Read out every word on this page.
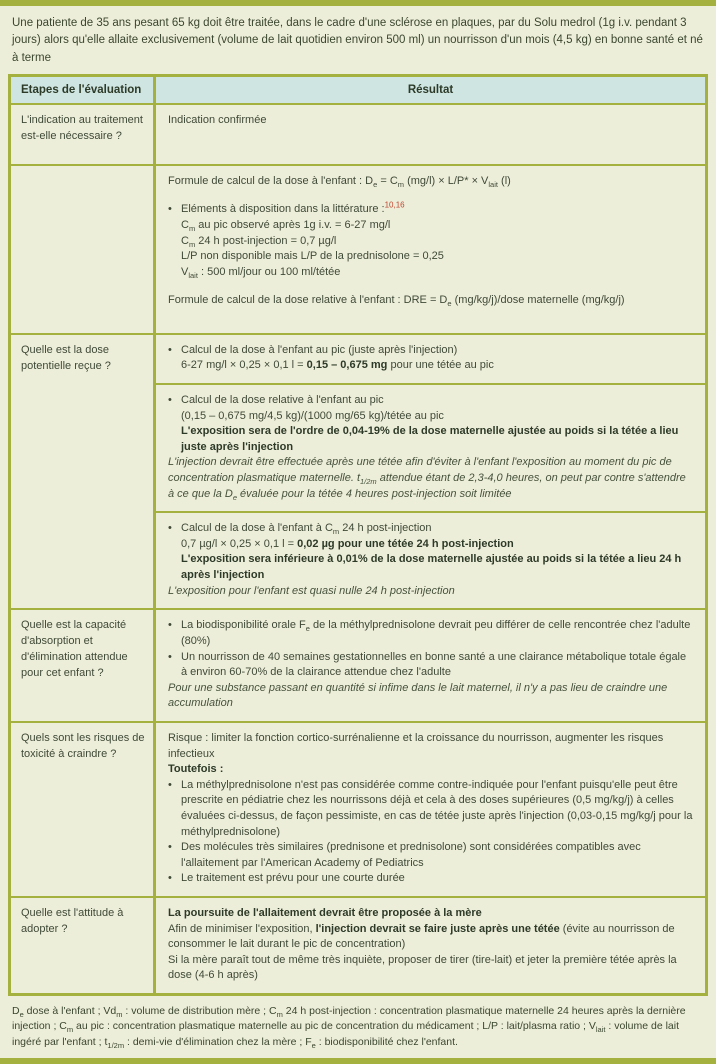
Une patiente de 35 ans pesant 65 kg doit être traitée, dans le cadre d'une sclérose en plaques, par du Solu medrol (1g i.v. pendant 3 jours) alors qu'elle allaite exclusivement (volume de lait quotidien environ 500 ml) un nourrisson d'un mois (4,5 kg) en bonne santé et né à terme

Etapes de l'évaluation	Résultat
L'indication au traitement est-elle nécessaire ?
Indication confirmée
Formule de calcul de la dose à l'enfant : $D_e = C_m$ $(mg/l) \times L/P* \times V_{lait}$ (l)
• Eléments à disposition dans la littérature :$^{10,16}$
$C_m$ au pic observé après 1g i.v. = 6-27 mg/l
$C_m$ 24 h post-injection = 0,7 µg/l
L/P non disponible mais L/P de la prednisolone = 0,25
$V_{lait}$ : 500 ml/jour ou 100 ml/tétée
Formule de calcul de la dose relative à l'enfant : DRE = $D_e$ (mg/kg/j)/dose maternelle (mg/kg/j)
Quelle est la dose potentielle reçue ?
• Calcul de la dose à l'enfant au pic (juste après l'injection)
6-27 mg/l × 0,25 × 0,1 l = 0,15 – 0,675 mg pour une tétée au pic
• Calcul de la dose relative à l'enfant au pic
(0,15 – 0,675 mg/4,5 kg)/(1000 mg/65 kg)/tétée au pic
L'exposition sera de l'ordre de 0,04-19% de la dose maternelle ajustée au poids si la tétée a lieu juste après l'injection
L'injection devrait être effectuée après une tétée afin d'éviter à l'enfant l'exposition au moment du pic de concentration plasmatique maternelle. $t_{1/2m}$ attendue étant de 2,3-4,0 heures, on peut par contre s'attendre à ce que la $D_e$ évaluée pour la tétée 4 heures post-injection soit limitée
• Calcul de la dose à l'enfant à $C_m$ 24 h post-injection
0,7 µg/l × 0,25 × 0,1 l = 0,02 µg pour une tétée 24 h post-injection
L'exposition sera inférieure à 0,01% de la dose maternelle ajustée au poids si la tétée a lieu 24 h après l'injection
L'exposition pour l'enfant est quasi nulle 24 h post-injection
Quelle est la capacité d'absorption et d'élimination attendue pour cet enfant ?
• La biodisponibilité orale $F_e$ de la méthylprednisolone devrait peu différer de celle rencontrée chez l'adulte (80%)
• Un nourrisson de 40 semaines gestationnelles en bonne santé a une clairance métabolique totale égale à environ 60-70% de la clairance attendue chez l'adulte
Pour une substance passant en quantité si infime dans le lait maternel, il n'y a pas lieu de craindre une accumulation
Quels sont les risques de toxicité à craindre ?
Risque : limiter la fonction cortico-surrénalienne et la croissance du nourrisson, augmenter les risques infectieux
Toutefois :
• La méthylprednisolone n'est pas considérée comme contre-indiquée pour l'enfant puisqu'elle peut être prescrite en pédiatrie chez les nourrissons déjà et cela à des doses supérieures (0,5 mg/kg/j) à celles évaluées ci-dessus, de façon pessimiste, en cas de tétée juste après l'injection (0,03-0,15 mg/kg/j pour la méthylprednisolone)
• Des molécules très similaires (prednisone et prednisolone) sont considérées compatibles avec l'allaitement par l'American Academy of Pediatrics
• Le traitement est prévu pour une courte durée
Quelle est l'attitude à adopter ?
La poursuite de l'allaitement devrait être proposée à la mère
Afin de minimiser l'exposition, l'injection devrait se faire juste après une tétée (évite au nourrisson de consommer le lait durant le pic de concentration)
Si la mère paraît tout de même très inquiète, proposer de tirer (tire-lait) et jeter la première tétée après la dose (4-6 h après)

$D_e$ dose à l'enfant ; $Vd_m$ : volume de distribution mère ; $C_m$ 24 h post-injection : concentration plasmatique maternelle 24 heures après la dernière injection ; $C_m$ au pic : concentration plasmatique maternelle au pic de concentration du médicament ; L/P : lait/plasma ratio ; $V_{lait}$ : volume de lait ingéré par l'enfant ; $t_{1/2m}$ : demi-vie d'élimination chez la mère ; $F_e$ : biodisponibilité chez l'enfant.
